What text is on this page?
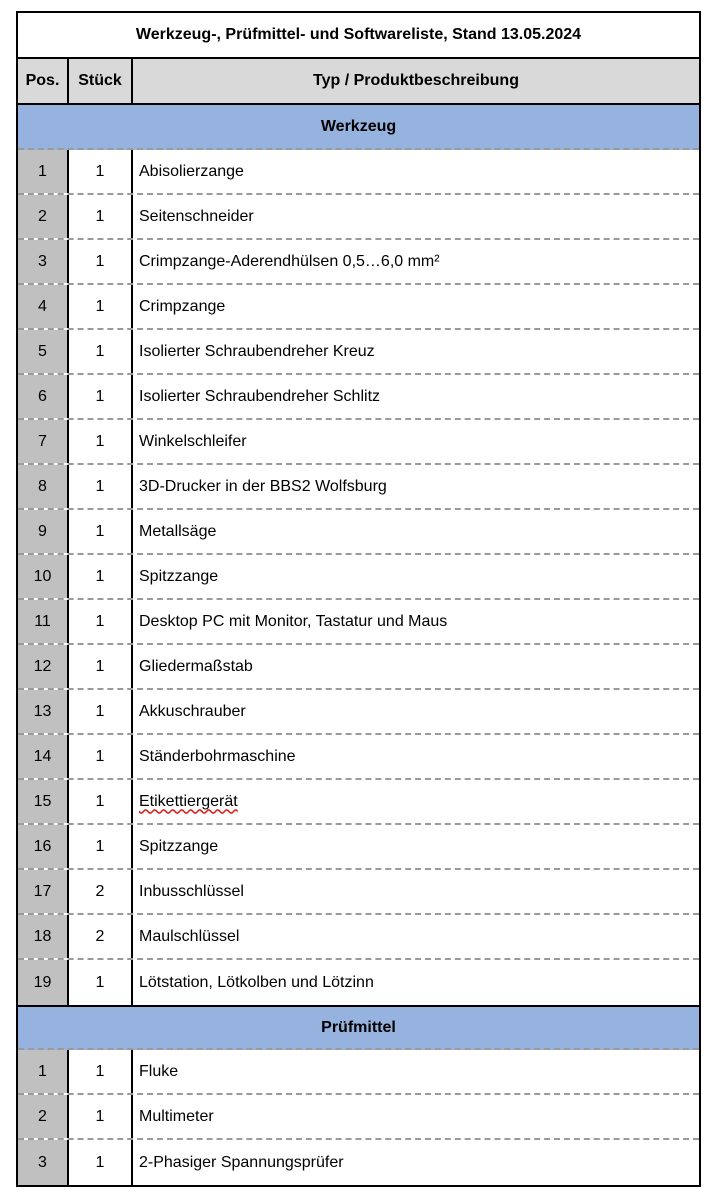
Werkzeug-, Prüfmittel- und Softwareliste, Stand 13.05.2024
Pos.	Stück	Typ / Produktbeschreibung
Werkzeug
1	1	Abisolierzange
2	1	Seitenschneider
3	1	Crimpzange-Aderendhülsen 0,5…6,0 mm²
4	1	Crimpzange
5	1	Isolierter Schraubendreher Kreuz
6	1	Isolierter Schraubendreher Schlitz
7	1	Winkelschleifer
8	1	3D-Drucker in der BBS2 Wolfsburg
9	1	Metallsäge
10	1	Spitzzange
11	1	Desktop PC mit Monitor, Tastatur und Maus
12	1	Gliedermaßstab
13	1	Akkuschrauber
14	1	Ständerbohrmaschine
15	1	Etikettiergerät
16	1	Spitzzange
17	2	Inbusschlüssel
18	2	Maulschlüssel
19	1	Lötstation, Lötkolben und Lötzinn
Prüfmittel
1	1	Fluke
2	1	Multimeter
3	1	2-Phasiger Spannungsprüfer
